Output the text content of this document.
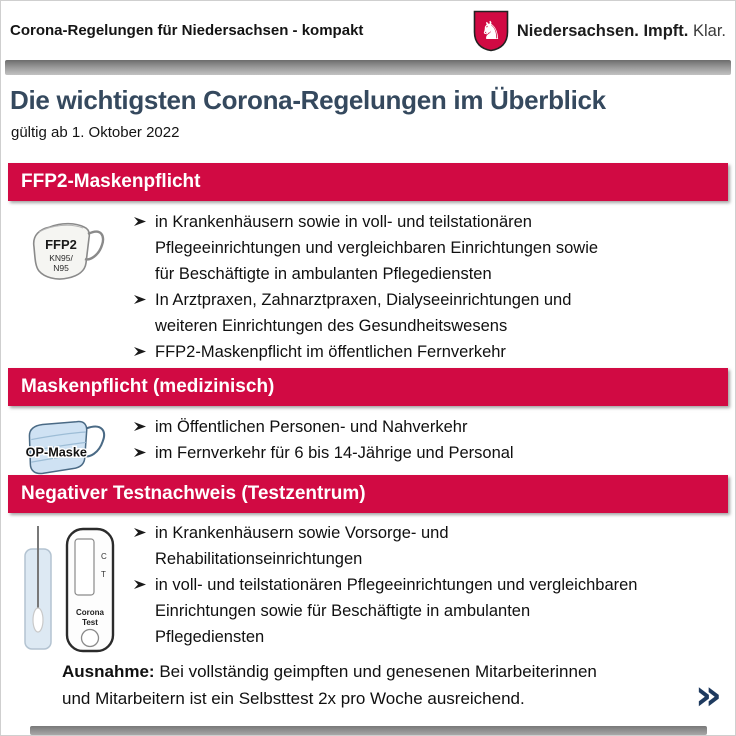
Corona-Regelungen für Niedersachsen - kompakt	♞ Niedersachsen. Impft. Klar.
Die wichtigsten Corona-Regelungen im Überblick
gültig ab 1. Oktober 2022
FFP2-Maskenpflicht
FFP2
KN95/
N95
in Krankenhäusern sowie in voll- und teilstationären
Pflegeeinrichtungen und vergleichbaren Einrichtungen sowie
für Beschäftigte in ambulanten Pflegediensten
In Arztpraxen, Zahnarztpraxen, Dialyseeinrichtungen und
weiteren Einrichtungen des Gesundheitswesens
FFP2-Maskenpflicht im öffentlichen Fernverkehr
Maskenpflicht (medizinisch)
OP-Maske
im Öffentlichen Personen- und Nahverkehr
im Fernverkehr für 6 bis 14-Jährige und Personal
Negativer Testnachweis (Testzentrum)
C
T
Corona
Test
in Krankenhäusern sowie Vorsorge- und
Rehabilitationseinrichtungen
in voll- und teilstationären Pflegeeinrichtungen und vergleichbaren
Einrichtungen sowie für Beschäftigte in ambulanten
Pflegediensten
Ausnahme: Bei vollständig geimpften und genesenen Mitarbeiterinnen
und Mitarbeitern ist ein Selbsttest 2x pro Woche ausreichend.	»
